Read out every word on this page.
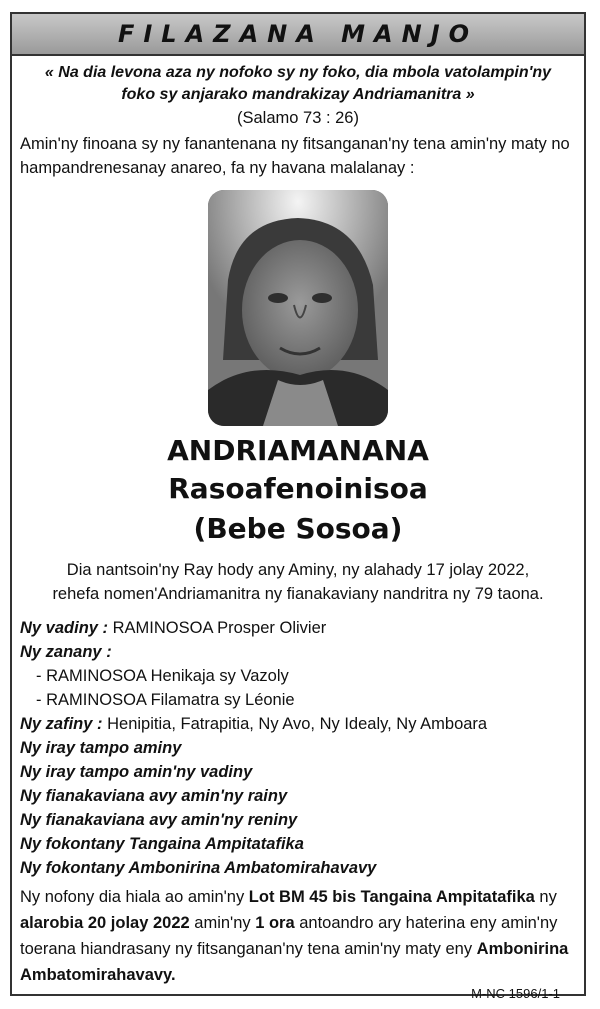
FILAZANA MANJO
« Na dia levona aza ny nofoko sy ny foko, dia mbola vatolampin'ny
foko sy anjarako mandrakizay Andriamanitra »
(Salamo 73 : 26)
Amin'ny finoana sy ny fanantenana ny fitsanganan'ny tena amin'ny maty no
hampandrenesanay anareo, fa ny havana malalanay :
ANDRIAMANANA
Rasoafenoinisoa
(Bebe Sosoa)
Dia nantsoin'ny Ray hody any Aminy, ny alahady 17 jolay 2022,
rehefa nomen'Andriamanitra ny fianakaviany nandritra ny 79 taona.
Ny vadiny : RAMINOSOA Prosper Olivier
Ny zanany :
- RAMINOSOA Henikaja sy Vazoly
- RAMINOSOA Filamatra sy Léonie
Ny zafiny : Henipitia, Fatrapitia, Ny Avo, Ny Idealy, Ny Amboara
Ny iray tampo aminy
Ny iray tampo amin'ny vadiny
Ny fianakaviana avy amin'ny rainy
Ny fianakaviana avy amin'ny reniny
Ny fokontany Tangaina Ampitatafika
Ny fokontany Ambonirina Ambatomirahavavy
Ny nofony dia hiala ao amin'ny Lot BM 45 bis Tangaina Ampitatafika ny alarobia 20 jolay 2022 amin'ny 1 ora antoandro ary haterina eny amin'ny toerana hiandrasany ny fitsanganan'ny tena amin'ny maty eny Ambonirina Ambatomirahavavy.
M-NC 1596/1-1
